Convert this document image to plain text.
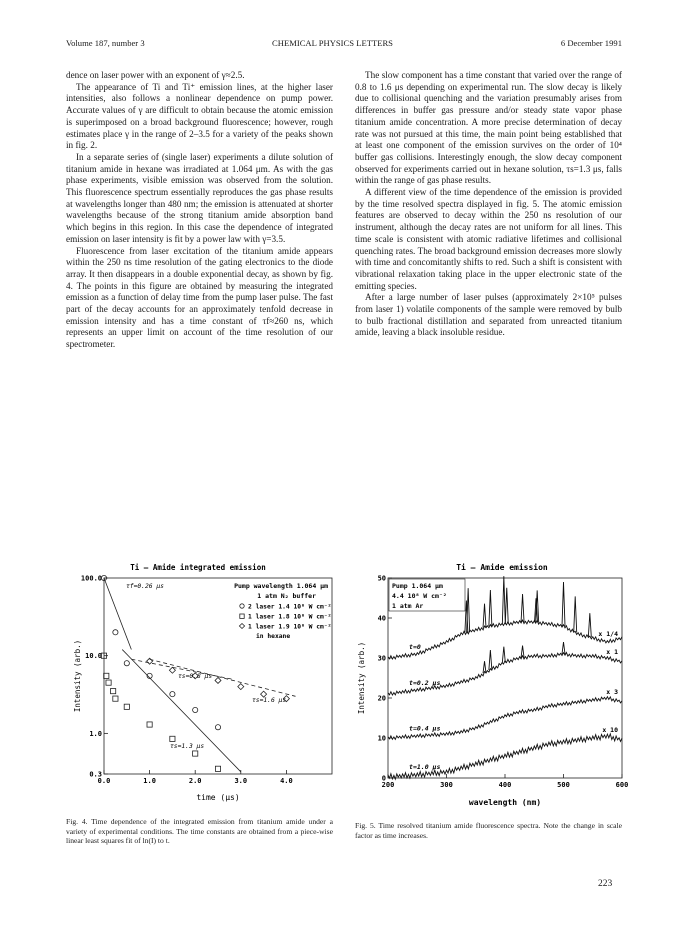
Volume 187, number 3	CHEMICAL PHYSICS LETTERS	6 December 1991

dence on laser power with an exponent of γ≈2.5.

The appearance of Ti and Ti⁺ emission lines, at the higher laser intensities, also follows a nonlinear dependence on pump power. Accurate values of γ are difficult to obtain because the atomic emission is superimposed on a broad background fluorescence; however, rough estimates place γ in the range of 2–3.5 for a variety of the peaks shown in fig. 2.

In a separate series of (single laser) experiments a dilute solution of titanium amide in hexane was irradiated at 1.064 μm. As with the gas phase experiments, visible emission was observed from the solution. This fluorescence spectrum essentially reproduces the gas phase results at wavelengths longer than 480 nm; the emission is attenuated at shorter wavelengths because of the strong titanium amide absorption band which begins in this region. In this case the dependence of integrated emission on laser intensity is fit by a power law with γ=3.5.

Fluorescence from laser excitation of the titanium amide appears within the 250 ns time resolution of the gating electronics to the diode array. It then disappears in a double exponential decay, as shown by fig. 4. The points in this figure are obtained by measuring the integrated emission as a function of delay time from the pump laser pulse. The fast part of the decay accounts for an approximately tenfold decrease in emission intensity and has a time constant of τf≈260 ns, which represents an upper limit on account of the time resolution of our spectrometer.

The slow component has a time constant that varied over the range of 0.8 to 1.6 μs depending on experimental run. The slow decay is likely due to collisional quenching and the variation presumably arises from differences in buffer gas pressure and/or steady state vapor phase titanium amide concentration. A more precise determination of decay rate was not pursued at this time, the main point being established that at least one component of the emission survives on the order of 10⁴ buffer gas collisions. Interestingly enough, the slow decay component observed for experiments carried out in hexane solution, τs=1.3 μs, falls within the range of gas phase results.

A different view of the time dependence of the emission is provided by the time resolved spectra displayed in fig. 5. The atomic emission features are observed to decay within the 250 ns resolution of our instrument, although the decay rates are not uniform for all lines. This time scale is consistent with atomic radiative lifetimes and collisional quenching rates. The broad background emission decreases more slowly with time and concomitantly shifts to red. Such a shift is consistent with vibrational relaxation taking place in the upper electronic state of the emitting species.

After a large number of laser pulses (approximately 2×10⁵ pulses from laser 1) volatile components of the sample were removed by bulb to bulb fractional distillation and separated from unreacted titanium amide, leaving a black insoluble residue.

Ti – Amide integrated emission
0.3
1.0
10.0
100.0
0.0	1.0	2.0	3.0	4.0
Intensity (arb.)
time (μs)
Pump wavelength 1.064 μm
1 atm N₂ buffer
2 laser 1.4 10⁸ W cm⁻²
1 laser 1.8 10⁸ W cm⁻²
1 laser 1.9 10⁸ W cm⁻²
in hexane
τf=0.26 μs
τs=0.8 μs
τs=1.6 μs
τs=1.3 μs
Fig. 4. Time dependence of the integrated emission from titanium amide under a variety of experimental conditions. The time constants are obtained from a piece-wise linear least squares fit of ln(I) to t.
Ti – Amide emission
0
10
20
30
40
50
200	300	400	500	600
Pump 1.064 μm
4.4 10⁸ W cm⁻²
1 atm Ar
t=0
x 1/4
t=0.2 μs
x 1
t=0.4 μs
x 3
t=1.0 μs
x 10
Intensity (arb.)
wavelength (nm)
Fig. 5. Time resolved titanium amide fluorescence spectra. Note the change in scale factor as time increases.
223
